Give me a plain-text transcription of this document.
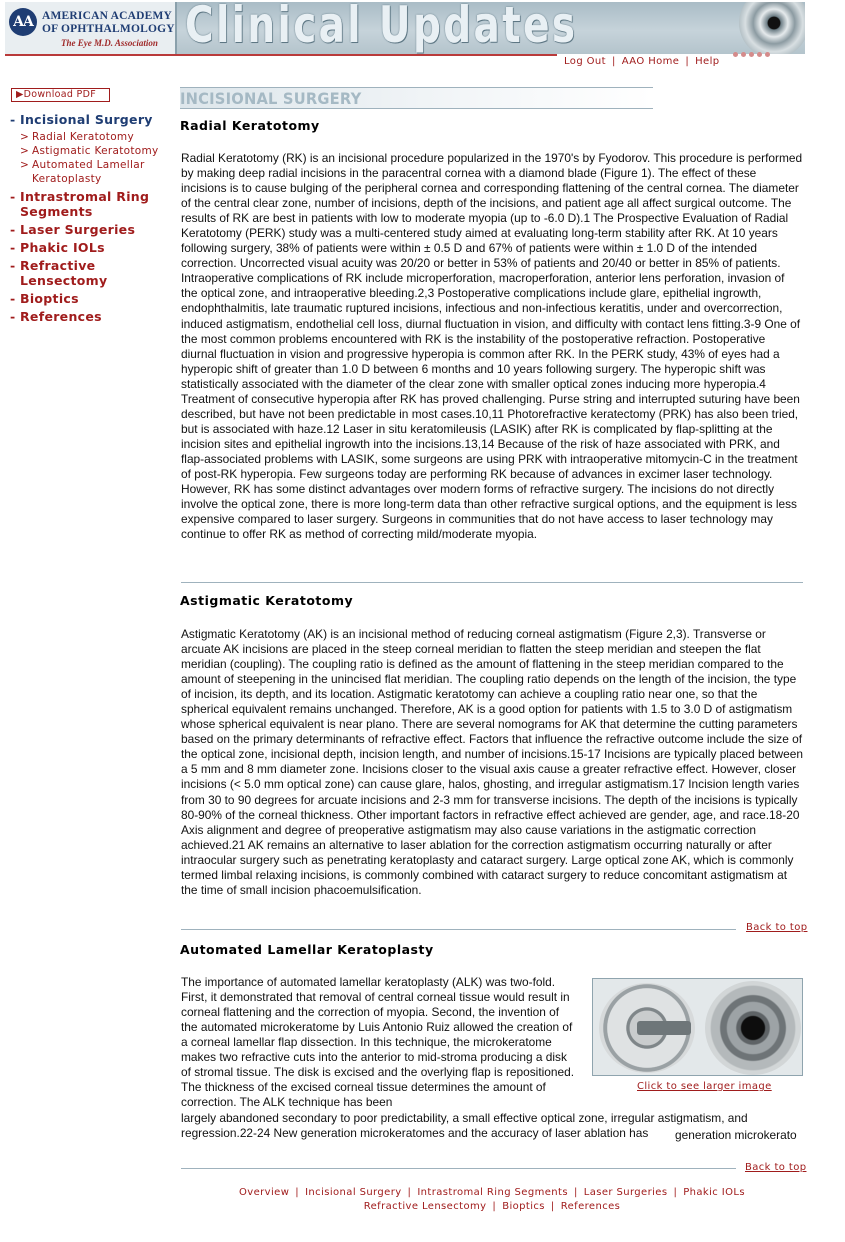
Clinical Updates
AA AMERICAN ACADEMY
OF OPHTHALMOLOGY
The Eye M.D. Association
Log Out | AAO Home | Help
▶Download PDF
- Incisional Surgery
> Radial Keratotomy
> Astigmatic Keratotomy
> Automated Lamellar Keratoplasty
- Intrastromal Ring Segments
- Laser Surgeries
- Phakic IOLs
- Refractive Lensectomy
- Bioptics
- References
INCISIONAL SURGERY
Radial Keratotomy

Radial Keratotomy (RK) is an incisional procedure popularized in the 1970's by Fyodorov. This procedure is performed by making deep radial incisions in the paracentral cornea with a diamond blade (Figure 1). The effect of these incisions is to cause bulging of the peripheral cornea and corresponding flattening of the central cornea. The diameter of the central clear zone, number of incisions, depth of the incisions, and patient age all affect surgical outcome. The results of RK are best in patients with low to moderate myopia (up to -6.0 D).1 The Prospective Evaluation of Radial Keratotomy (PERK) study was a multi-centered study aimed at evaluating long-term stability after RK. At 10 years following surgery, 38% of patients were within ± 0.5 D and 67% of patients were within ± 1.0 D of the intended correction. Uncorrected visual acuity was 20/20 or better in 53% of patients and 20/40 or better in 85% of patients. Intraoperative complications of RK include microperforation, macroperforation, anterior lens perforation, invasion of the optical zone, and intraoperative bleeding.2,3 Postoperative complications include glare, epithelial ingrowth, endophthalmitis, late traumatic ruptured incisions, infectious and non-infectious keratitis, under and overcorrection, induced astigmatism, endothelial cell loss, diurnal fluctuation in vision, and difficulty with contact lens fitting.3-9 One of the most common problems encountered with RK is the instability of the postoperative refraction. Postoperative diurnal fluctuation in vision and progressive hyperopia is common after RK. In the PERK study, 43% of eyes had a hyperopic shift of greater than 1.0 D between 6 months and 10 years following surgery. The hyperopic shift was statistically associated with the diameter of the clear zone with smaller optical zones inducing more hyperopia.4 Treatment of consecutive hyperopia after RK has proved challenging. Purse string and interrupted suturing have been described, but have not been predictable in most cases.10,11 Photorefractive keratectomy (PRK) has also been tried, but is associated with haze.12 Laser in situ keratomileusis (LASIK) after RK is complicated by flap-splitting at the incision sites and epithelial ingrowth into the incisions.13,14 Because of the risk of haze associated with PRK, and flap-associated problems with LASIK, some surgeons are using PRK with intraoperative mitomycin-C in the treatment of post-RK hyperopia. Few surgeons today are performing RK because of advances in excimer laser technology. However, RK has some distinct advantages over modern forms of refractive surgery. The incisions do not directly involve the optical zone, there is more long-term data than other refractive surgical options, and the equipment is less expensive compared to laser surgery. Surgeons in communities that do not have access to laser technology may continue to offer RK as method of correcting mild/moderate myopia.

Astigmatic Keratotomy

Astigmatic Keratotomy (AK) is an incisional method of reducing corneal astigmatism (Figure 2,3). Transverse or arcuate AK incisions are placed in the steep corneal meridian to flatten the steep meridian and steepen the flat meridian (coupling). The coupling ratio is defined as the amount of flattening in the steep meridian compared to the amount of steepening in the unincised flat meridian. The coupling ratio depends on the length of the incision, the type of incision, its depth, and its location. Astigmatic keratotomy can achieve a coupling ratio near one, so that the spherical equivalent remains unchanged. Therefore, AK is a good option for patients with 1.5 to 3.0 D of astigmatism whose spherical equivalent is near plano. There are several nomograms for AK that determine the cutting parameters based on the primary determinants of refractive effect. Factors that influence the refractive outcome include the size of the optical zone, incisional depth, incision length, and number of incisions.15-17 Incisions are typically placed between a 5 mm and 8 mm diameter zone. Incisions closer to the visual axis cause a greater refractive effect. However, closer incisions (< 5.0 mm optical zone) can cause glare, halos, ghosting, and irregular astigmatism.17 Incision length varies from 30 to 90 degrees for arcuate incisions and 2-3 mm for transverse incisions. The depth of the incisions is typically 80-90% of the corneal thickness. Other important factors in refractive effect achieved are gender, age, and race.18-20 Axis alignment and degree of preoperative astigmatism may also cause variations in the astigmatic correction achieved.21 AK remains an alternative to laser ablation for the correction astigmatism occurring naturally or after intraocular surgery such as penetrating keratoplasty and cataract surgery. Large optical zone AK, which is commonly termed limbal relaxing incisions, is commonly combined with cataract surgery to reduce concomitant astigmatism at the time of small incision phacoemulsification.

Back to top
Automated Lamellar Keratoplasty

The importance of automated lamellar keratoplasty (ALK) was two-fold. First, it demonstrated that removal of central corneal tissue would result in corneal flattening and the correction of myopia. Second, the invention of the automated microkeratome by Luis Antonio Ruiz allowed the creation of a corneal lamellar flap dissection. In this technique, the microkeratome makes two refractive cuts into the anterior to mid-stroma producing a disk of stromal tissue. The disk is excised and the overlying flap is repositioned. The thickness of the excised corneal tissue determines the amount of correction. The ALK technique has been

largely abandoned secondary to poor predictability, a small effective optical zone, irregular astigmatism, and regression.22-24 New generation microkeratomes and the accuracy of laser ablation has	generation microkerato
Click to see larger image
Back to top
Overview | Incisional Surgery | Intrastromal Ring Segments | Laser Surgeries | Phakic IOLs
Refractive Lensectomy | Bioptics | References
